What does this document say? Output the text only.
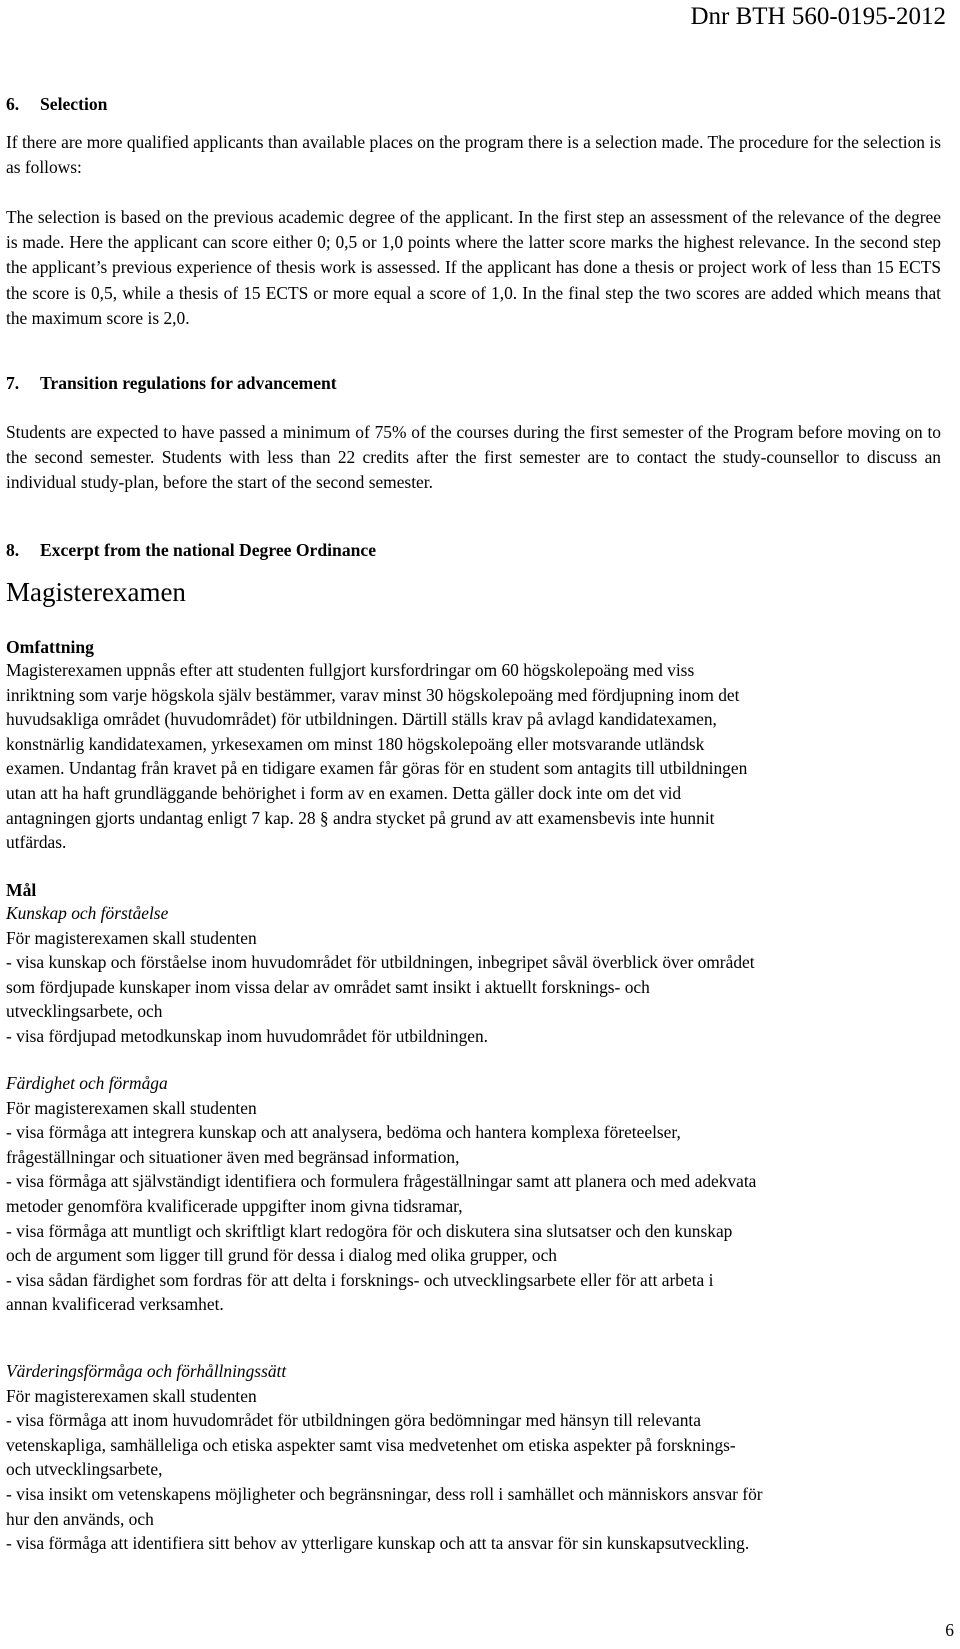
Dnr BTH 560-0195-2012
6. Selection
If there are more qualified applicants than available places on the program there is a selection made. The procedure for the selection is as follows:
The selection is based on the previous academic degree of the applicant. In the first step an assessment of the relevance of the degree is made. Here the applicant can score either 0; 0,5 or 1,0 points where the latter score marks the highest relevance. In the second step the applicant’s previous experience of thesis work is assessed. If the applicant has done a thesis or project work of less than 15 ECTS the score is 0,5, while a thesis of 15 ECTS or more equal a score of 1,0. In the final step the two scores are added which means that the maximum score is 2,0.
7. Transition regulations for advancement
Students are expected to have passed a minimum of 75% of the courses during the first semester of the Program before moving on to the second semester. Students with less than 22 credits after the first semester are to contact the study-counsellor to discuss an individual study-plan, before the start of the second semester.
8. Excerpt from the national Degree Ordinance
Magisterexamen
Omfattning
Magisterexamen uppnås efter att studenten fullgjort kursfordringar om 60 högskolepoäng med viss
inriktning som varje högskola själv bestämmer, varav minst 30 högskolepoäng med fördjupning inom det
huvudsakliga området (huvudområdet) för utbildningen. Därtill ställs krav på avlagd kandidatexamen,
konstnärlig kandidatexamen, yrkesexamen om minst 180 högskolepoäng eller motsvarande utländsk
examen. Undantag från kravet på en tidigare examen får göras för en student som antagits till utbildningen
utan att ha haft grundläggande behörighet i form av en examen. Detta gäller dock inte om det vid
antagningen gjorts undantag enligt 7 kap. 28 § andra stycket på grund av att examensbevis inte hunnit
utfärdas.
Mål
Kunskap och förståelse
För magisterexamen skall studenten
- visa kunskap och förståelse inom huvudområdet för utbildningen, inbegripet såväl överblick över området
som fördjupade kunskaper inom vissa delar av området samt insikt i aktuellt forsknings- och
utvecklingsarbete, och
- visa fördjupad metodkunskap inom huvudområdet för utbildningen.
Färdighet och förmåga
För magisterexamen skall studenten
- visa förmåga att integrera kunskap och att analysera, bedöma och hantera komplexa företeelser,
frågeställningar och situationer även med begränsad information,
- visa förmåga att självständigt identifiera och formulera frågeställningar samt att planera och med adekvata
metoder genomföra kvalificerade uppgifter inom givna tidsramar,
- visa förmåga att muntligt och skriftligt klart redogöra för och diskutera sina slutsatser och den kunskap
och de argument som ligger till grund för dessa i dialog med olika grupper, och
- visa sådan färdighet som fordras för att delta i forsknings- och utvecklingsarbete eller för att arbeta i
annan kvalificerad verksamhet.
Värderingsförmåga och förhållningssätt
För magisterexamen skall studenten
- visa förmåga att inom huvudområdet för utbildningen göra bedömningar med hänsyn till relevanta
vetenskapliga, samhälleliga och etiska aspekter samt visa medvetenhet om etiska aspekter på forsknings-
och utvecklingsarbete,
- visa insikt om vetenskapens möjligheter och begränsningar, dess roll i samhället och människors ansvar för
hur den används, och
- visa förmåga att identifiera sitt behov av ytterligare kunskap och att ta ansvar för sin kunskapsutveckling.
6
